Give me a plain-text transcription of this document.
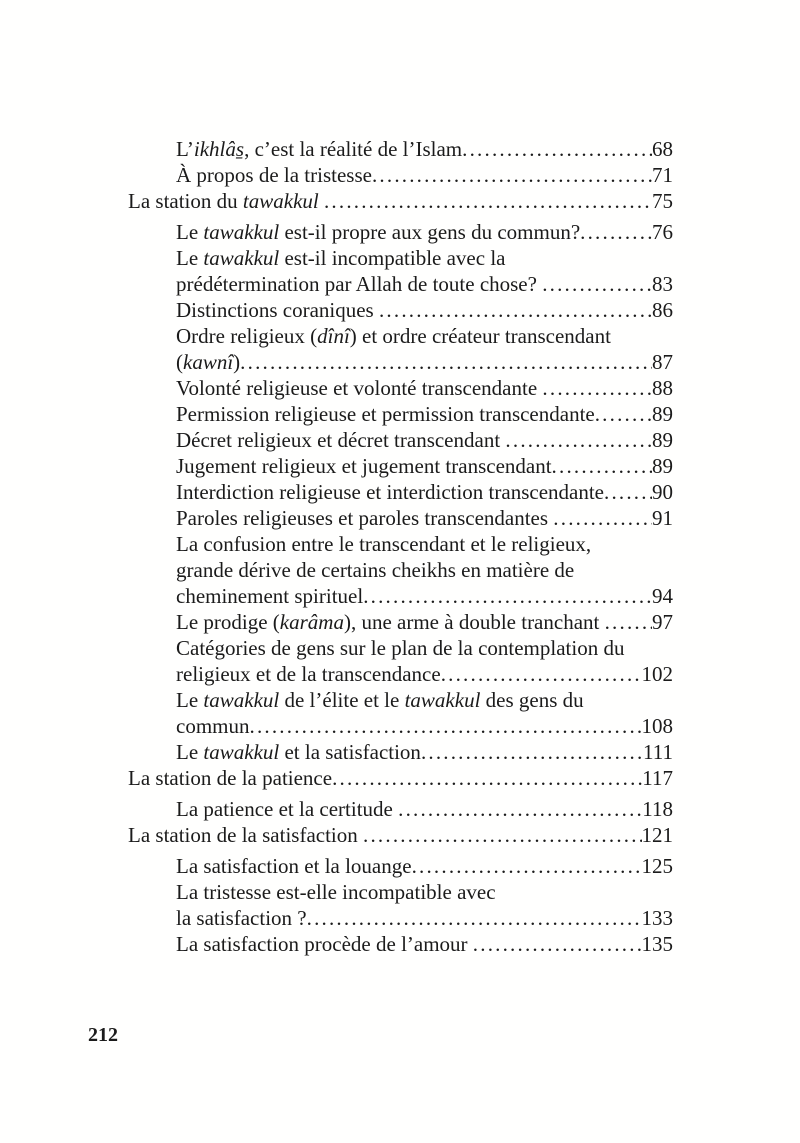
L’ikhlâs̱, c’est la réalité de l’Islam .....	68
À propos de la tristesse .....	71
La station du tawakkul .....	75
Le tawakkul est-il propre aux gens du commun? .....	76
Le tawakkul est-il incompatible avec la
prédétermination par Allah de toute chose? .....	83
Distinctions coraniques .....	86
Ordre religieux (dînî) et ordre créateur transcendant
(kawnî) .....	87
Volonté religieuse et volonté transcendante .....	88
Permission religieuse et permission transcendante .....	89
Décret religieux et décret transcendant .....	89
Jugement religieux et jugement transcendant .....	89
Interdiction religieuse et interdiction transcendante ..... 90
Paroles religieuses et paroles transcendantes .....	91
La confusion entre le transcendant et le religieux,
grande dérive de certains cheikhs en matière de
cheminement spirituel .....	94
Le prodige (karâma), une arme à double tranchant ..... 97
Catégories de gens sur le plan de la contemplation du
religieux et de la transcendance .....	102
Le tawakkul de l’élite et le tawakkul des gens du
commun .....	108
Le tawakkul et la satisfaction .....	111
La station de la patience .....	117
La patience et la certitude .....	118
La station de la satisfaction .....	121
La satisfaction et la louange .....	125
La tristesse est-elle incompatible avec
la satisfaction ? .....	133
La satisfaction procède de l’amour .....	135
212
